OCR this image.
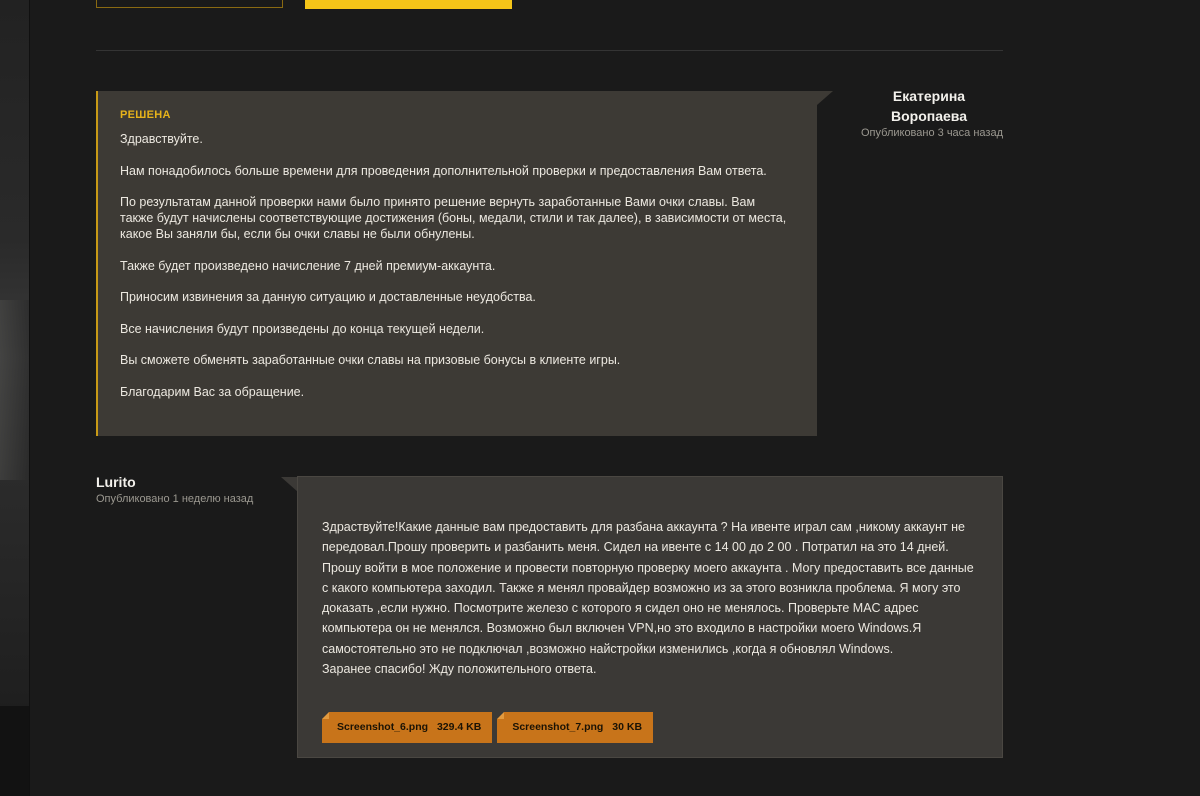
РЕШЕНА

Здравствуйте.

Нам понадобилось больше времени для проведения дополнительной проверки и предоставления Вам ответа.

По результатам данной проверки нами было принято решение вернуть заработанные Вами очки славы. Вам также будут начислены соответствующие достижения (боны, медали, стили и так далее), в зависимости от места, какое Вы заняли бы, если бы очки славы не были обнулены.

Также будет произведено начисление 7 дней премиум-аккаунта.

Приносим извинения за данную ситуацию и доставленные неудобства.

Все начисления будут произведены до конца текущей недели.

Вы сможете обменять заработанные очки славы на призовые бонусы в клиенте игры.

Благодарим Вас за обращение.

Екатерина
Воропаева
Опубликовано 3 часа назад
Lurito
Опубликовано 1 неделю назад

Здраствуйте!Какие данные вам предоставить для разбана аккаунта ? На ивенте играл сам ,никому аккаунт не передовал.Прошу проверить и разбанить меня. Сидел на ивенте с 14 00 до 2 00 . Потратил на это 14 дней. Прошу войти в мое положение и провести повторную проверку моего аккаунта . Могу предоставить все данные с какого компьютера заходил. Также я менял провайдер возможно из за этого возникла проблема. Я могу это доказать ,если нужно. Посмотрите железо с которого я сидел оно не менялось. Проверьте MAC адрес компьютера он не менялся. Возможно был включен VPN,но это входило в настройки моего Windows.Я самостоятельно это не подключал ,возможно найстройки изменились ,когда я обновлял Windows.

Заранее спасибо! Жду положительного ответа.

Screenshot_6.png 329.4 KB	Screenshot_7.png 30 KB
